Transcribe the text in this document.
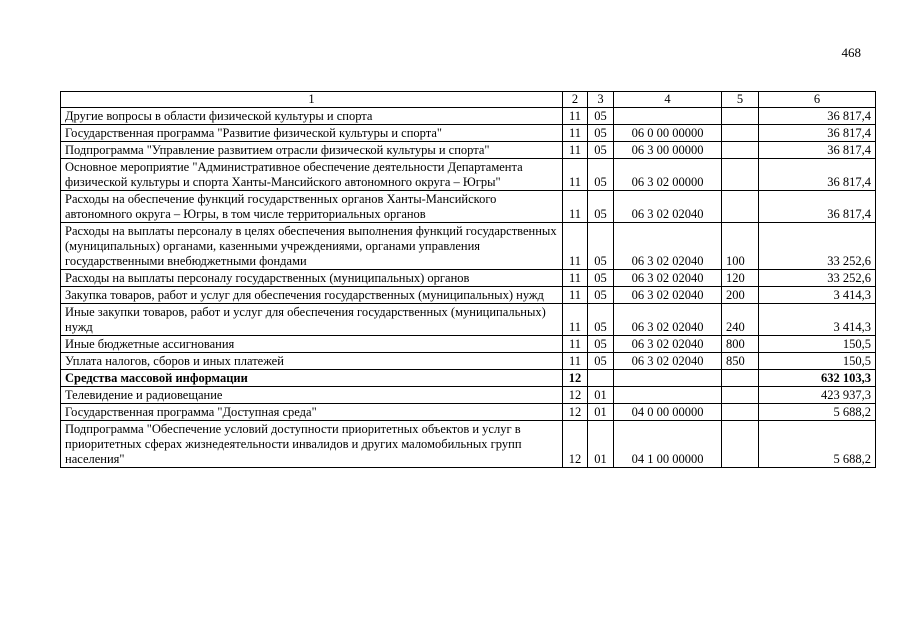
468
1	2	3	4	5	6
Другие вопросы в области физической культуры и спорта	11	05			36 817,4
Государственная программа "Развитие физической культуры и спорта"	11	05	06 0 00 00000		36 817,4
Подпрограмма "Управление развитием отрасли физической культуры и спорта"	11	05	06 3 00 00000		36 817,4
Основное мероприятие "Административное обеспечение деятельности Департамента физической культуры и спорта Ханты-Мансийского автономного округа – Югры"	11	05	06 3 02 00000		36 817,4
Расходы на обеспечение функций государственных органов Ханты-Мансийского автономного округа – Югры, в том числе территориальных органов	11	05	06 3 02 02040		36 817,4
Расходы на выплаты персоналу в целях обеспечения выполнения функций государственных (муниципальных) органами, казенными учреждениями, органами управления государственными внебюджетными фондами	11	05	06 3 02 02040	100	33 252,6
Расходы на выплаты персоналу государственных (муниципальных) органов	11	05	06 3 02 02040	120	33 252,6
Закупка товаров, работ и услуг для обеспечения государственных (муниципальных) нужд	11	05	06 3 02 02040	200	3 414,3
Иные закупки товаров, работ и услуг для обеспечения государственных (муниципальных) нужд	11	05	06 3 02 02040	240	3 414,3
Иные бюджетные ассигнования	11	05	06 3 02 02040	800	150,5
Уплата налогов, сборов и иных платежей	11	05	06 3 02 02040	850	150,5
Средства массовой информации	12				632 103,3
Телевидение и радиовещание	12	01			423 937,3
Государственная программа "Доступная среда"	12	01	04 0 00 00000		5 688,2
Подпрограмма "Обеспечение условий доступности приоритетных объектов и услуг в приоритетных сферах жизнедеятельности инвалидов и других маломобильных групп населения"	12	01	04 1 00 00000		5 688,2
